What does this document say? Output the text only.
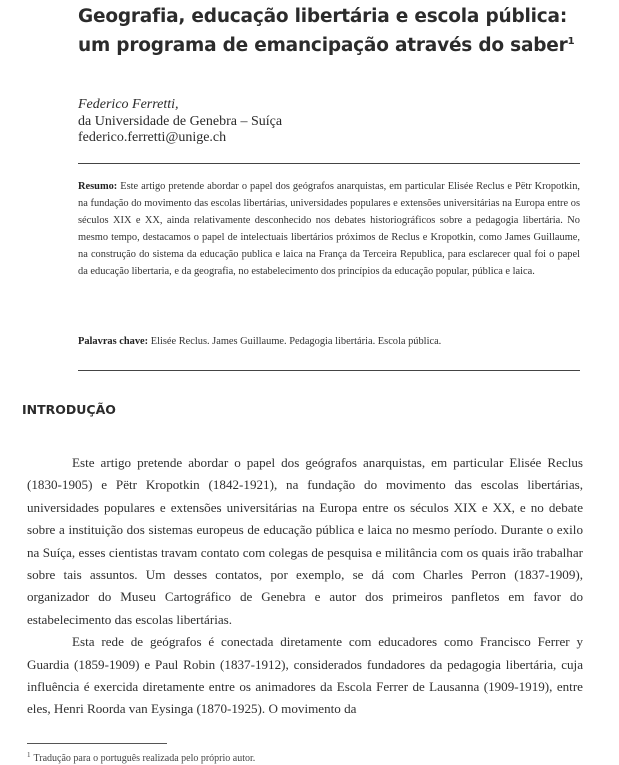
Geografia, educação libertária e escola pública:
um programa de emancipação através do saber$^1$
Federico Ferretti,
da Universidade de Genebra – Suíça
federico.ferretti@unige.ch
Resumo: Este artigo pretende abordar o papel dos geógrafos anarquistas, em particular Elisée Reclus e Pëtr Kropotkin, na fundação do movimento das escolas libertárias, universidades populares e extensões universitárias na Europa entre os séculos XIX e XX, ainda relativamente desconhecido nos debates historiográficos sobre a pedagogia libertária. No mesmo tempo, destacamos o papel de intelectuais libertários próximos de Reclus e Kropotkin, como James Guillaume, na construção do sistema da educação publica e laica na França da Terceira Republica, para esclarecer qual foi o papel da educação libertaria, e da geografia, no estabelecimento dos princípios da educação popular, pública e laica.
Palavras chave: Elisée Reclus. James Guillaume. Pedagogia libertária. Escola pública.
INTRODUÇÃO

Este artigo pretende abordar o papel dos geógrafos anarquistas, em particular Elisée Reclus (1830-1905) e Pëtr Kropotkin (1842-1921), na fundação do movimento das escolas libertárias, universidades populares e extensões universitárias na Europa entre os séculos XIX e XX, e no debate sobre a instituição dos sistemas europeus de educação pública e laica no mesmo período. Durante o exilo na Suíça, esses cientistas travam contato com colegas de pesquisa e militância com os quais irão trabalhar sobre tais assuntos. Um desses contatos, por exemplo, se dá com Charles Perron (1837-1909), organizador do Museu Cartográfico de Genebra e autor dos primeiros panfletos em favor do estabelecimento das escolas libertárias.

Esta rede de geógrafos é conectada diretamente com educadores como Francisco Ferrer y Guardia (1859-1909) e Paul Robin (1837-1912), considerados fundadores da pedagogia libertária, cuja influência é exercida diretamente entre os animadores da Escola Ferrer de Lausanna (1909-1919), entre eles, Henri Roorda van Eysinga (1870-1925). O movimento da

$^1$ Tradução para o português realizada pelo próprio autor.
